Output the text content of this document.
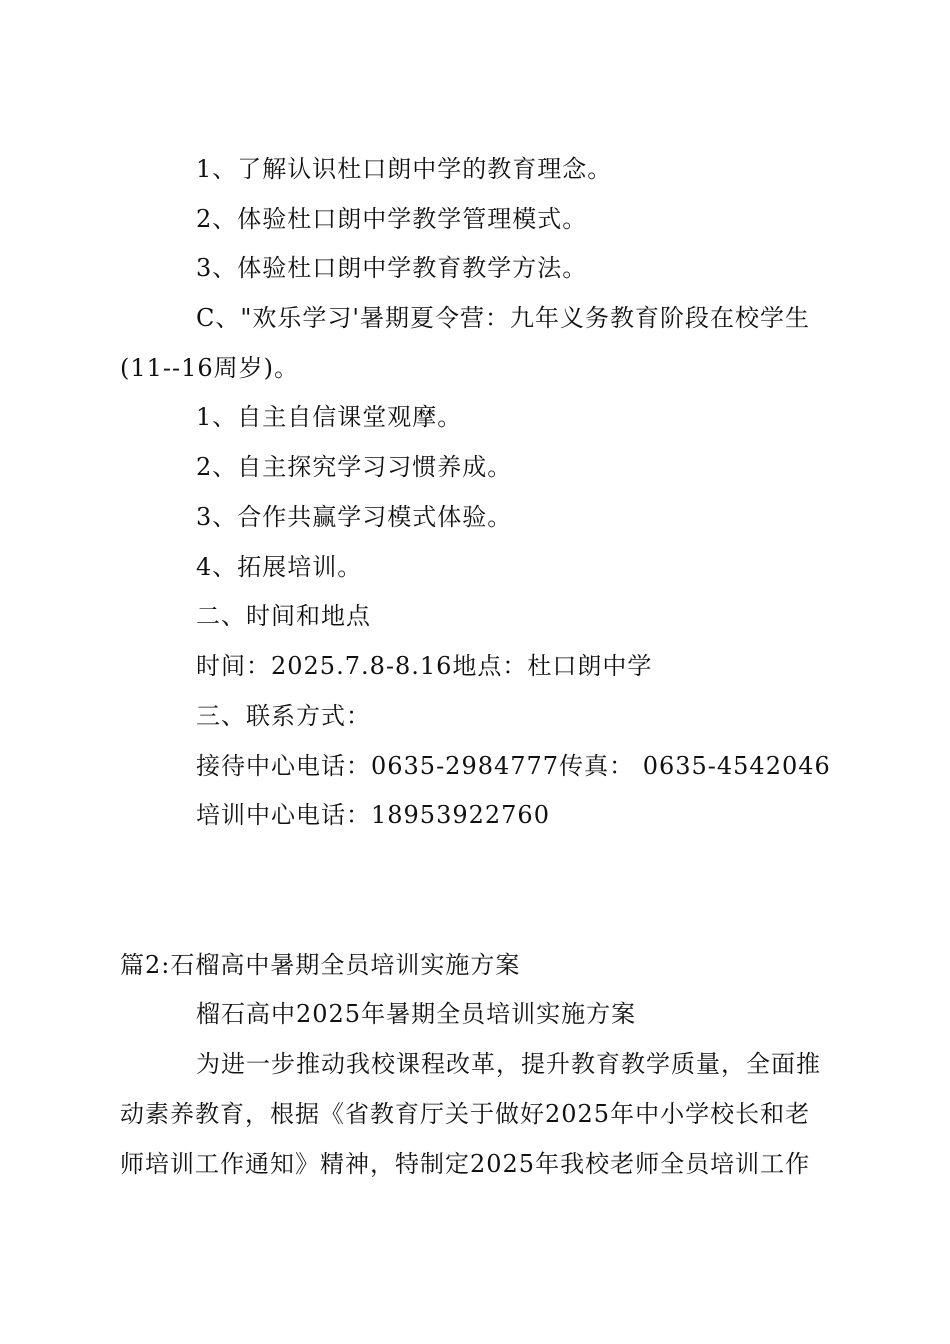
1、了解认识杜口朗中学的教育理念。
2、体验杜口朗中学教学管理模式。
3、体验杜口朗中学教育教学方法。
C、"欢乐学习'暑期夏令营：九年义务教育阶段在校学生
(11--16周岁)。
1、自主自信课堂观摩。
2、自主探究学习习惯养成。
3、合作共赢学习模式体验。
4、拓展培训。
二、时间和地点
时间：2025.7.8-8.16地点：杜口朗中学
三、联系方式：
接待中心电话：0635-2984777传真： 0635-4542046
培训中心电话：18953922760
篇2:石榴高中暑期全员培训实施方案
榴石高中2025年暑期全员培训实施方案
为进一步推动我校课程改革，提升教育教学质量，全面推
动素养教育，根据《省教育厅关于做好2025年中小学校长和老
师培训工作通知》精神，特制定2025年我校老师全员培训工作
